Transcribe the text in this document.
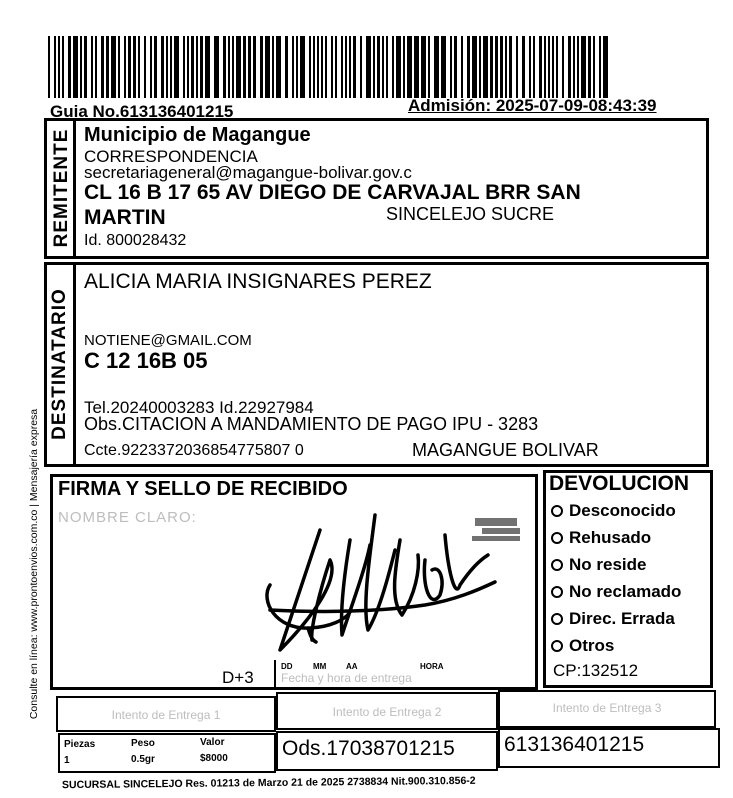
Guia No.613136401215	Admisión: 2025-07-09-08:43:39
Consulte en línea: www.prontoenvios.com.co | Mensajería expresa
REMITENTE Municipio de Magangue
CORRESPONDENCIA
secretariageneral@magangue-bolivar.gov.c
CL 16 B 17 65 AV DIEGO DE CARVAJAL BRR SAN
MARTIN	SINCELEJO SUCRE
Id. 800028432
DESTINATARIO
ALICIA MARIA INSIGNARES PEREZ
NOTIENE@GMAIL.COM
C 12 16B 05
Tel.20240003283 Id.22927984
Obs.CITACION A MANDAMIENTO DE PAGO IPU - 3283
Ccte.9223372036854775807 0	MAGANGUE BOLIVAR
FIRMA Y SELLO DE RECIBIDO
NOMBRE CLARO:
D+3
DD	MM AA	HORA
Fecha y hora de entrega
DEVOLUCION
Desconocido
Rehusado
No reside
No reclamado
Direc. Errada
Otros
CP:132512
Intento de Entrega 1	Intento de Entrega 2	Intento de Entrega 3
Piezas	Peso	Valor
1	0.5gr	$8000	Ods.17038701215 613136401215
SUCURSAL SINCELEJO Res. 01213 de Marzo 21 de 2025 2738834 Nit.900.310.856-2
